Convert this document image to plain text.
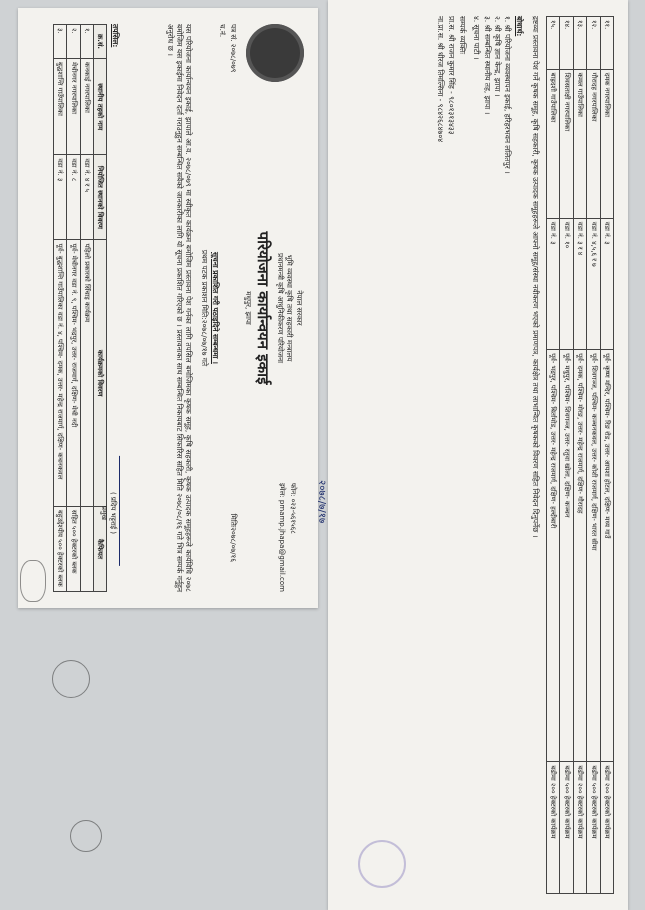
नेपाल सरकार
भूमि व्यवस्था कृषि तथा सहकारी मन्त्रालय
प्रधानमन्त्री कृषि आधुनिकीकरण परियोजना
परियोजना कार्यान्वयन इकाई
मधुपुर, झापा
फोन: ०२३-५६१५६८
इमेल: pmamp.jhapa@gmail.com
पत्र सं. २०७८/०७९
च.नं.
मितिः२०७८/०७/१६
सूचना प्रकाशित गरी पठाइदिने सम्बन्धमा ।
प्रथम पटक प्रकाशन मिति:२०७८/०७/१७ गते

यस परियोजना कार्यान्वयन इकाई, झापाले आ.व. २०७८/०७९ मा स्वीकृत कार्यक्रम बमोजिम प्रस्तावना पेश गर्नका लागि तपसिल बमोजिमका कृषक समूह, कृषि सहकारी, कृषक उत्पादक समूहहरूले कार्यविधि २०७८ बमोजिम यस इकाईमा निवेदन दर्ता गराउनुहुन सम्बन्धित सबैको जानकारीका लागि यो सूचना प्रकाशित गरिएको छ । प्रस्तावनाका साथ सम्बन्धित निकायबाट सिफारिस सहित मिति २०७८/०८/१६ गते भित्र सम्पर्क गर्नुहुन अनुरोध छ ।

( प्रदिप भट्टराई )
प्रमुख
तपसिल:
क्र.सं.	स्थानीय तहको नाम	नियोजित स्थानको विवरण	कार्यक्रमको विवरण	कैफियत
१.	कनकाई नगरपालिका	वडा नं. ४ र ५	पहिलो प्रकारको सिँचाइ कार्यक्रम	
२.	मेचीनगर नगरपालिका	वडा नं. ८	पूर्व- मेचीनगर वडा नं. ९, पश्चिम- भद्रपुर, उत्तर- राजमार्ग, दक्षिण- मेची नदी	सहित ५०० हेक्टरको ब्लक
३.	बुद्धशान्ति गाउँपालिका	वडा नं. ३	पूर्व- बुद्धशान्ति गाउँपालिका वडा नं. ४, पश्चिम- दमक, उत्तर- महेन्द्र राजमार्ग, दक्षिण- कचनकवल	बहुउद्देश्यीय ५०० हेक्टरको ब्लक
११.	दमक नगरपालिका	वडा नं. ३	पूर्व- कृष्ण मन्दिर, पश्चिम- रिङ रोड, उत्तर- आयशा होटल, दक्षिण- मध्य गाउँ	बढीमा २०० हेक्टरको कार्यक्रम
१२.	गौरादह नगरपालिका	वडा नं. ४,५,६ र ७	पूर्व- शिवगञ्ज, पश्चिम- कञ्चनकवल, उत्तर- कोशी राजमार्ग, दक्षिण- भारत सीमा	बढीमा ५०० हेक्टरको कार्यक्रम
१३.	कमल गाउँपालिका	वडा नं. ३ र ४	पूर्व- दमक, पश्चिम- मोरङ, उत्तर- महेन्द्र राजमार्ग, दक्षिण- गौरादह	बढीमा २०० हेक्टरको कार्यक्रम
१४.	शिवसताक्षी नगरपालिका	वडा नं. १०	पूर्व- मधुपुर, पश्चिम- शिवगञ्ज, उत्तर- रतुवा खोला, दक्षिण- कञ्चन	बढीमा ५०० हेक्टरको कार्यक्रम
१५.	बाह्रदशी गाउँपालिका	वडा नं. ३	पूर्व- भद्रपुर, पश्चिम- बिर्तामोड, उत्तर- महेन्द्र राजमार्ग, दक्षिण- हल्दीबारी	बढीमा २०० हेक्टरको कार्यक्रम

द्रष्टव्यः प्रस्तावना पेश गर्ने कृषक समूह, कृषि सहकारी, कृषक उत्पादक समूहहरूले आफ्नो समूह/संस्था नवीकरण भएको प्रमाणपत्र, कार्यक्षेत्र तथा लाभान्वित कृषकको विवरण सहित निवेदन दिनुपर्नेछ ।

बोधार्थ:
१. श्री परियोजना व्यवस्थापन इकाई, हरिहरभवन ललितपुर ।
२. श्री कृषि ज्ञान केन्द्र, झापा ।
३. श्री सम्बन्धित स्थानीय तह, झापा ।
४. सूचना पाटी ।
सम्पर्क व्यक्तिः
प्रा.स. श्री राजन कुमार सिंह - ९८०१३१३४३३
ना.प्रा.स. श्री धीरज तिमल्सिना - ९८४२६८४७०४
२०७८/७/१७
